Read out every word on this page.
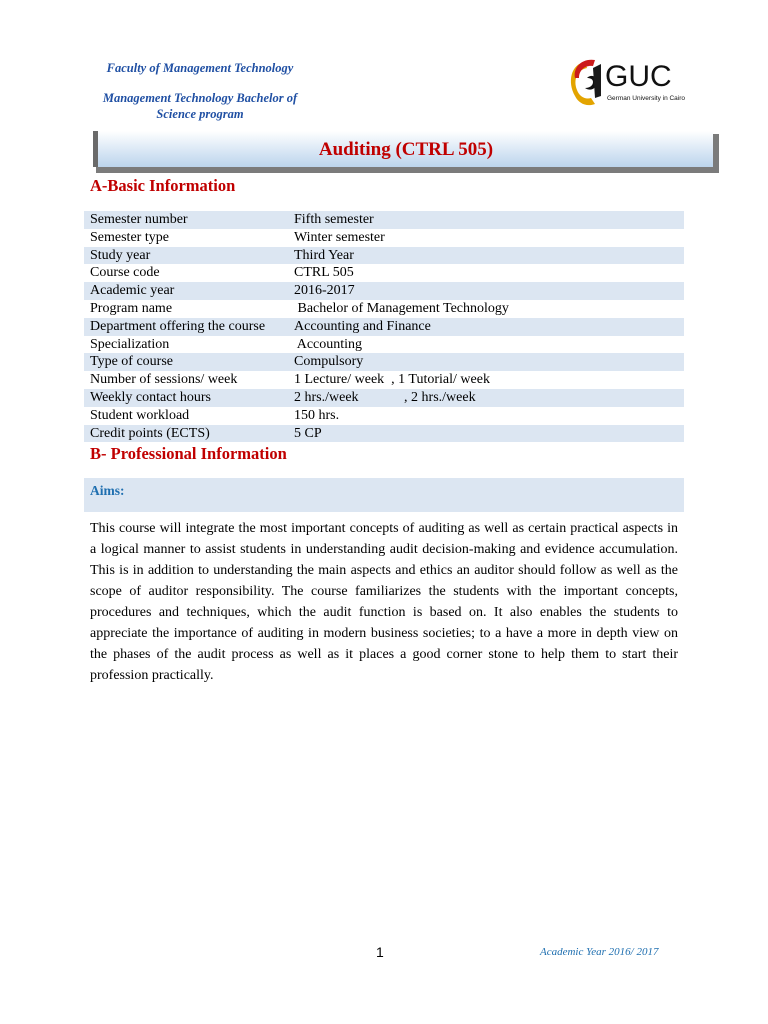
Faculty of Management Technology
Management Technology Bachelor of
Science program
GUC
German University in Cairo
Auditing (CTRL 505)
A-Basic Information
Semester number	Fifth semester
Semester type	Winter semester
Study year	Third Year
Course code	CTRL 505
Academic year	2016-2017
Program name	Bachelor of Management Technology
Department offering the course	Accounting and Finance
Specialization	Accounting
Type of course	Compulsory
Number of sessions/ week	1 Lecture/ week  , 1 Tutorial/ week
Weekly contact hours	2 hrs./week             , 2 hrs./week
Student workload	150 hrs.
Credit points (ECTS)	5 CP
B- Professional Information
Aims:
This course will integrate the most important concepts of auditing as well as certain practical aspects in a logical manner to assist students in understanding audit decision-making and evidence accumulation. This is in addition to understanding the main aspects and ethics an auditor should follow as well as the scope of auditor responsibility. The course familiarizes the students with the important concepts, procedures and techniques, which the audit function is based on. It also enables the students to appreciate the importance of auditing in modern business societies; to a have a more in depth view on the phases of the audit process as well as it places a good corner stone to help them to start their profession practically.
1	Academic Year 2016/ 2017
